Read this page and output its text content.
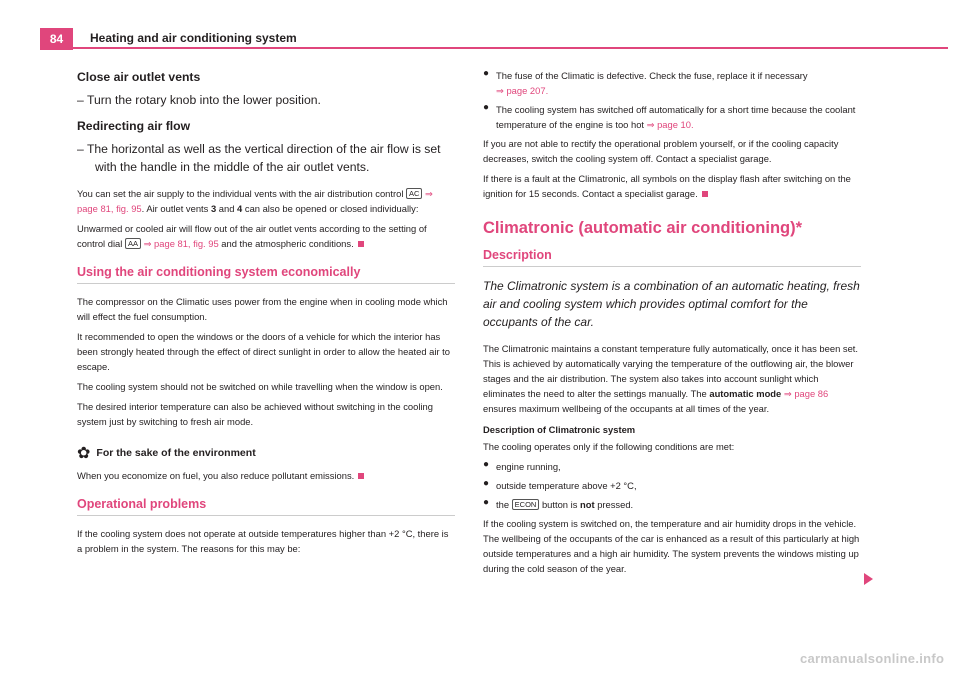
84	Heating and air conditioning system

Close air outlet vents

– Turn the rotary knob into the lower position.

Redirecting air flow

– The horizontal as well as the vertical direction of the air flow is set with the handle in the middle of the air outlet vents.

You can set the air supply to the individual vents with the air distribution control AC ⇒ page 81, fig. 95. Air outlet vents 3 and 4 can also be opened or closed individually:

Unwarmed or cooled air will flow out of the air outlet vents according to the setting of control dial AA ⇒ page 81, fig. 95 and the atmospheric conditions.

Using the air conditioning system economically

The compressor on the Climatic uses power from the engine when in cooling mode which will effect the fuel consumption.

It recommended to open the windows or the doors of a vehicle for which the interior has been strongly heated through the effect of direct sunlight in order to allow the heated air to escape.

The cooling system should not be switched on while travelling when the window is open.

The desired interior temperature can also be achieved without switching in the cooling system just by switching to fresh air mode.

✿ For the sake of the environment

When you economize on fuel, you also reduce pollutant emissions.

Operational problems

If the cooling system does not operate at outside temperatures higher than +2 °C, there is a problem in the system. The reasons for this may be:

● The fuse of the Climatic is defective. Check the fuse, replace it if necessary
⇒ page 207.

● The cooling system has switched off automatically for a short time because the coolant temperature of the engine is too hot ⇒ page 10.

If you are not able to rectify the operational problem yourself, or if the cooling capacity decreases, switch the cooling system off. Contact a specialist garage.

If there is a fault at the Climatronic, all symbols on the display flash after switching on the ignition for 15 seconds. Contact a specialist garage.

Climatronic (automatic air conditioning)*
Description

The Climatronic system is a combination of an automatic heating, fresh air and cooling system which provides optimal comfort for the occupants of the car.

The Climatronic maintains a constant temperature fully automatically, once it has been set. This is achieved by automatically varying the temperature of the outflowing air, the blower stages and the air distribution. The system also takes into account sunlight which eliminates the need to alter the settings manually. The automatic mode ⇒ page 86 ensures maximum wellbeing of the occupants at all times of the year.

Description of Climatronic system

The cooling operates only if the following conditions are met:

● engine running,

● outside temperature above +2 °C,

● the ECON button is not pressed.

If the cooling system is switched on, the temperature and air humidity drops in the vehicle. The wellbeing of the occupants of the car is enhanced as a result of this particularly at high outside temperatures and a high air humidity. The system prevents the windows misting up during the cold season of the year.

carmanualsonline.info
